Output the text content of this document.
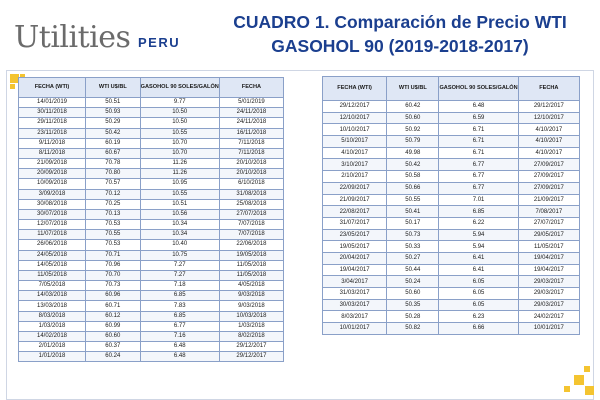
Utilities PERU
CUADRO 1. Comparación de Precio WTI
GASOHOL 90 (2019-2018-2017)
FECHA (WTI)	WTI U$/BL	GASOHOL 90 SOLES/GALÓN	FECHA
14/01/2019	50.51	9.77	5/01/2019
30/11/2018	50.93	10.50	24/11/2018
29/11/2018	50.29	10.50	24/11/2018
23/11/2018	50.42	10.55	16/11/2018
9/11/2018	60.19	10.70	7/11/2018
8/11/2018	60.67	10.70	7/11/2018
21/09/2018	70.78	11.26	20/10/2018
20/09/2018	70.80	11.26	20/10/2018
10/09/2018	70.57	10.95	6/10/2018
3/09/2018	70.12	10.55	31/08/2018
30/08/2018	70.25	10.51	25/08/2018
30/07/2018	70.13	10.56	27/07/2018
12/07/2018	70.53	10.34	7/07/2018
11/07/2018	70.55	10.34	7/07/2018
26/06/2018	70.53	10.40	22/06/2018
24/05/2018	70.71	10.75	19/05/2018
14/05/2018	70.96	7.27	11/05/2018
11/05/2018	70.70	7.27	11/05/2018
7/05/2018	70.73	7.18	4/05/2018
14/03/2018	60.96	6.85	9/03/2018
13/03/2018	60.71	7.83	9/03/2018
8/03/2018	60.12	6.85	10/03/2018
1/03/2018	60.99	6.77	1/03/2018
14/02/2018	60.60	7.16	8/02/2018
2/01/2018	60.37	6.48	29/12/2017
1/01/2018	60.24	6.48	29/12/2017
FECHA (WTI)	WTI U$/BL	GASOHOL 90 SOLES/GALÓN	FECHA
29/12/2017	60.42	6.48	29/12/2017
12/10/2017	50.60	6.59	12/10/2017
10/10/2017	50.92	6.71	4/10/2017
5/10/2017	50.79	6.71	4/10/2017
4/10/2017	49.98	6.71	4/10/2017
3/10/2017	50.42	6.77	27/09/2017
2/10/2017	50.58	6.77	27/09/2017
22/09/2017	50.66	6.77	27/09/2017
21/09/2017	50.55	7.01	21/09/2017
22/08/2017	50.41	6.85	7/08/2017
31/07/2017	50.17	6.22	27/07/2017
23/05/2017	50.73	5.94	29/05/2017
19/05/2017	50.33	5.94	11/05/2017
20/04/2017	50.27	6.41	19/04/2017
19/04/2017	50.44	6.41	19/04/2017
3/04/2017	50.24	6.05	29/03/2017
31/03/2017	50.60	6.05	29/03/2017
30/03/2017	50.35	6.05	29/03/2017
8/03/2017	50.28	6.23	24/02/2017
10/01/2017	50.82	6.66	10/01/2017
